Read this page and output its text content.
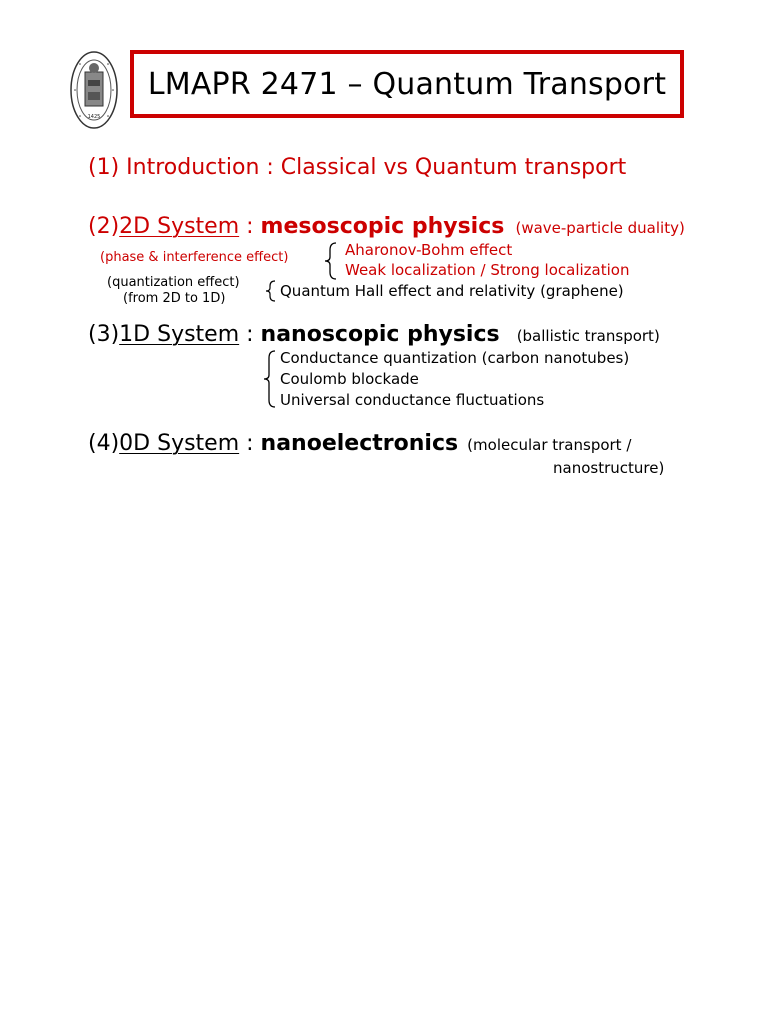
1425
LMAPR 2471 – Quantum Transport
(1) Introduction : Classical vs Quantum transport
(2)2D System : mesoscopic physics (wave-particle duality)
(phase & interference effect)	Aharonov-Bohm effect
Weak localization / Strong localization
(quantization effect)
(from 2D to 1D)	Quantum Hall effect and relativity (graphene)
(3)1D System : nanoscopic physics (ballistic transport)
Conductance quantization (carbon nanotubes)
Coulomb blockade
Universal conductance fluctuations
(4)0D System : nanoelectronics (molecular transport /
nanostructure)
